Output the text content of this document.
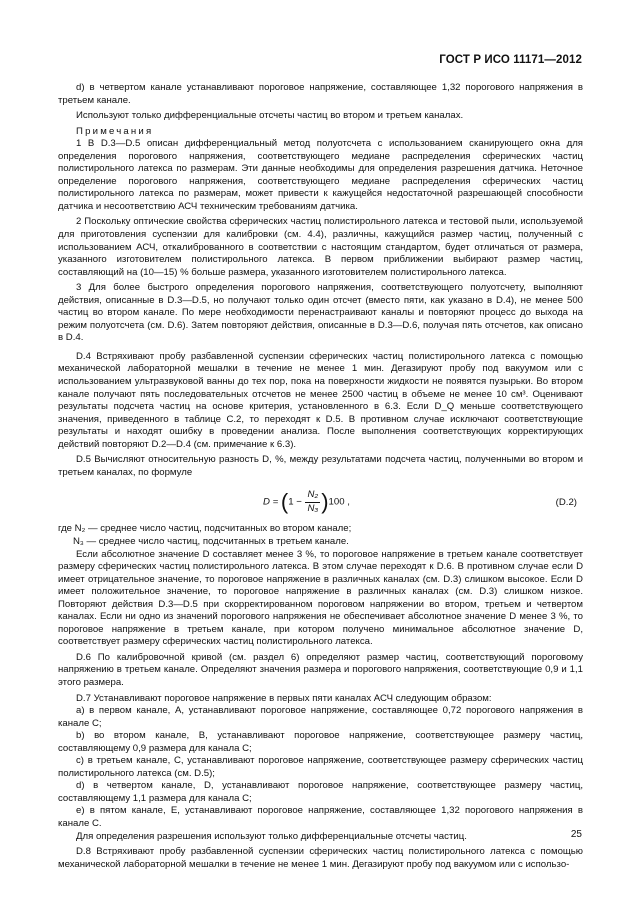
ГОСТ Р ИСО 11171—2012

d) в четвертом канале устанавливают пороговое напряжение, составляющее 1,32 порогового напряжения в третьем канале.

Используют только дифференциальные отсчеты частиц во втором и третьем каналах.

Примечания

1 В D.3—D.5 описан дифференциальный метод полуотсчета с использованием сканирующего окна для определения порогового напряжения, соответствующего медиане распределения сферических частиц полистирольного латекса по размерам. Эти данные необходимы для определения разрешения датчика. Неточное определение порогового напряжения, соответствующего медиане распределения сферических частиц полистирольного латекса по размерам, может привести к кажущейся недостаточной разрешающей способности датчика и несоответствию АСЧ техническим требованиям датчика.

2 Поскольку оптические свойства сферических частиц полистирольного латекса и тестовой пыли, используемой для приготовления суспензии для калибровки (см. 4.4), различны, кажущийся размер частиц, полученный с использованием АСЧ, откалиброванного в соответствии с настоящим стандартом, будет отличаться от размера, указанного изготовителем полистирольного латекса. В первом приближении выбирают размер частиц, составляющий на (10—15) % больше размера, указанного изготовителем полистирольного латекса.

3 Для более быстрого определения порогового напряжения, соответствующего полуотсчету, выполняют действия, описанные в D.3—D.5, но получают только один отсчет (вместо пяти, как указано в D.4), не менее 500 частиц во втором канале. По мере необходимости перенастраивают каналы и повторяют процесс до выхода на режим полуотсчета (см. D.6). Затем повторяют действия, описанные в D.3—D.6, получая пять отсчетов, как описано в D.4.

D.4 Встряхивают пробу разбавленной суспензии сферических частиц полистирольного латекса с помощью механической лабораторной мешалки в течение не менее 1 мин. Дегазируют пробу под вакуумом или с использованием ультразвуковой ванны до тех пор, пока на поверхности жидкости не появятся пузырьки. Во втором канале получают пять последовательных отсчетов не менее 2500 частиц в объеме не менее 10 см³. Оценивают результаты подсчета частиц на основе критерия, установленного в 6.3. Если D_Q меньше соответствующего значения, приведенного в таблице С.2, то переходят к D.5. В противном случае исключают соответствующие результаты и находят ошибку в проведении анализа. После выполнения соответствующих корректирующих действий повторяют D.2—D.4 (см. примечание к 6.3).

D.5 Вычисляют относительную разность D, %, между результатами подсчета частиц, полученными во втором и третьем каналах, по формуле

$D = (1 - \frac{\text{N₂}}{\text{N₃}} )100$ ,	(D.2)

где N₂ — среднее число частиц, подсчитанных во втором канале;

N₃ — среднее число частиц, подсчитанных в третьем канале.

Если абсолютное значение D составляет менее 3 %, то пороговое напряжение в третьем канале соответствует размеру сферических частиц полистирольного латекса. В этом случае переходят к D.6. В противном случае если D имеет отрицательное значение, то пороговое напряжение в различных каналах (см. D.3) слишком высокое. Если D имеет положительное значение, то пороговое напряжение в различных каналах (см. D.3) слишком низкое. Повторяют действия D.3—D.5 при скорректированном пороговом напряжении во втором, третьем и четвертом каналах. Если ни одно из значений порогового напряжения не обеспечивает абсолютное значение D менее 3 %, то пороговое напряжение в третьем канале, при котором получено минимальное абсолютное значение D, соответствует размеру сферических частиц полистирольного латекса.

D.6 По калибровочной кривой (см. раздел 6) определяют размер частиц, соответствующий пороговому напряжению в третьем канале. Определяют значения размера и порогового напряжения, соответствующие 0,9 и 1,1 этого размера.

D.7 Устанавливают пороговое напряжение в первых пяти каналах АСЧ следующим образом:

а) в первом канале, А, устанавливают пороговое напряжение, составляющее 0,72 порогового напряжения в канале С;

b) во втором канале, В, устанавливают пороговое напряжение, соответствующее размеру частиц, составляющему 0,9 размера для канала С;

с) в третьем канале, С, устанавливают пороговое напряжение, соответствующее размеру сферических частиц полистирольного латекса (см. D.5);

d) в четвертом канале, D, устанавливают пороговое напряжение, соответствующее размеру частиц, составляющему 1,1 размера для канала С;

е) в пятом канале, Е, устанавливают пороговое напряжение, составляющее 1,32 порогового напряжения в канале С.

Для определения разрешения используют только дифференциальные отсчеты частиц.

D.8 Встряхивают пробу разбавленной суспензии сферических частиц полистирольного латекса с помощью механической лабораторной мешалки в течение не менее 1 мин. Дегазируют пробу под вакуумом или с использо-

25
